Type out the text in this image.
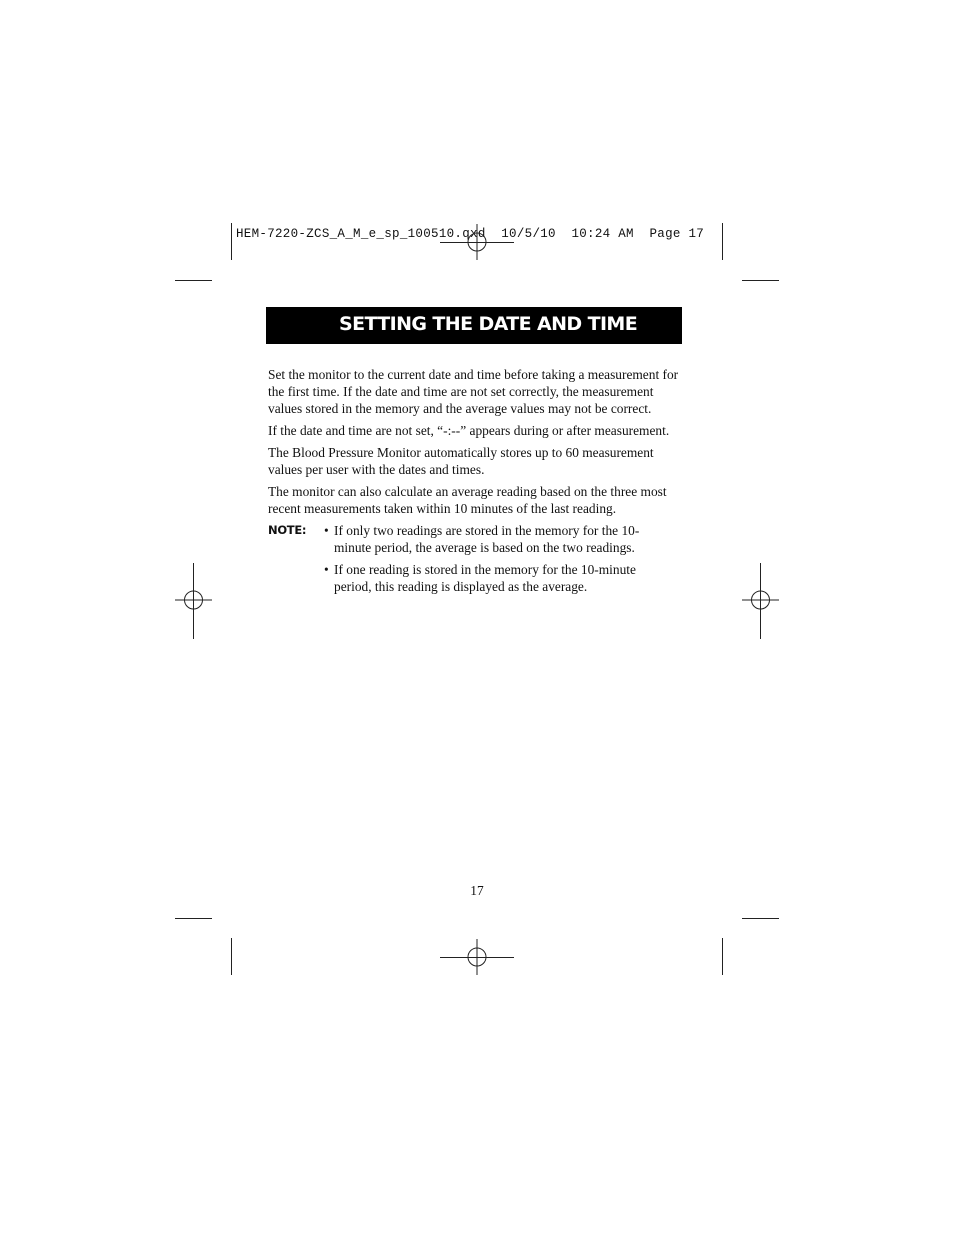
HEM-7220-ZCS_A_M_e_sp_100510.qxd  10/5/10  10:24 AM  Page 17
SETTING THE DATE AND TIME

Set the monitor to the current date and time before taking a measurement for the first time. If the date and time are not set correctly, the measurement values stored in the memory and the average values may not be correct.

If the date and time are not set, “-:--” appears during or after measurement.

The Blood Pressure Monitor automatically stores up to 60 measurement values per user with the dates and times.

The monitor can also calculate an average reading based on the three most recent measurements taken within 10 minutes of the last reading.

NOTE:	• If only two readings are stored in the memory for the 10-minute period, the average is based on the two readings.
• If one reading is stored in the memory for the 10-minute period, this reading is displayed as the average.
17
